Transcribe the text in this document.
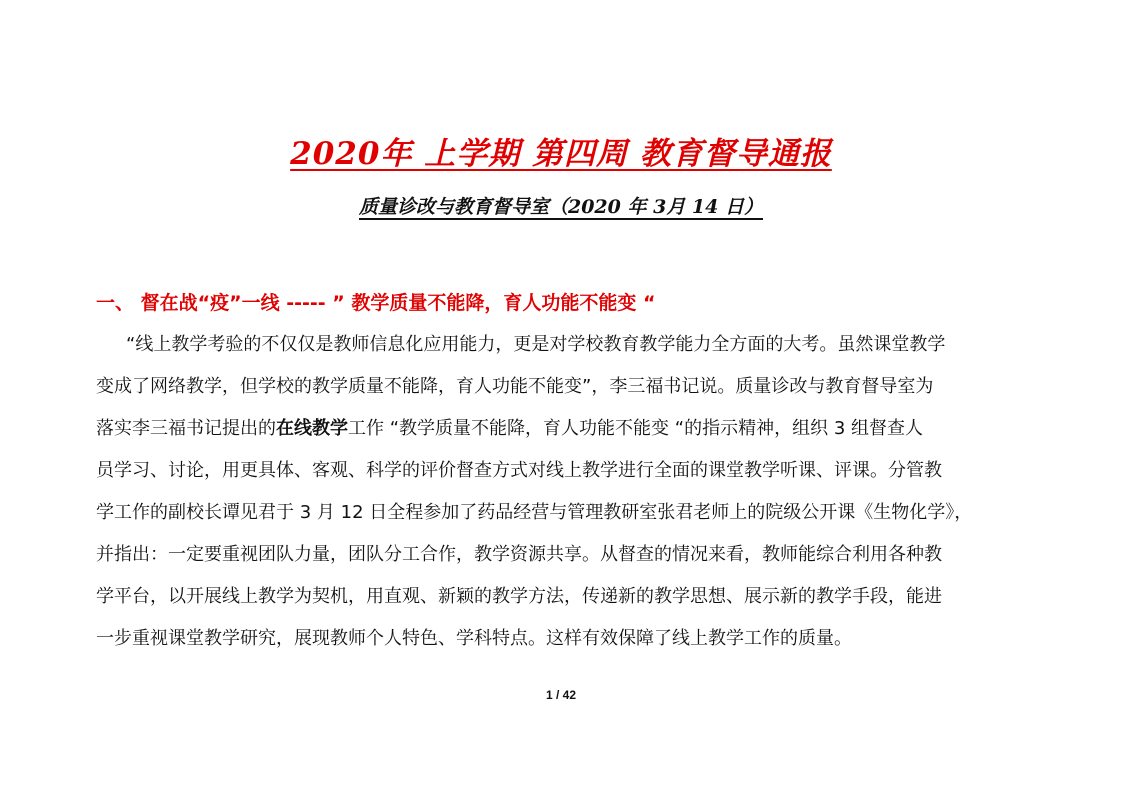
2020年 上学期 第四周 教育督导通报
质量诊改与教育督导室（2020 年 3月 14 日）
一、 督在战“疫”一线 ----- ” 教学质量不能降，育人功能不能变 “
“线上教学考验的不仅仅是教师信息化应用能力，更是对学校教育教学能力全方面的大考。虽然课堂教学
变成了网络教学，但学校的教学质量不能降，育人功能不能变”，李三福书记说。质量诊改与教育督导室为
落实李三福书记提出的在线教学工作 “教学质量不能降，育人功能不能变 “的指示精神，组织 3 组督查人
员学习、讨论，用更具体、客观、科学的评价督查方式对线上教学进行全面的课堂教学听课、评课。分管教
学工作的副校长谭见君于 3 月 12 日全程参加了药品经营与管理教研室张君老师上的院级公开课《生物化学》，
并指出：一定要重视团队力量，团队分工合作，教学资源共享。从督查的情况来看，教师能综合利用各种教
学平台，以开展线上教学为契机，用直观、新颖的教学方法，传递新的教学思想、展示新的教学手段，能进
一步重视课堂教学研究，展现教师个人特色、学科特点。这样有效保障了线上教学工作的质量。
1 / 42
